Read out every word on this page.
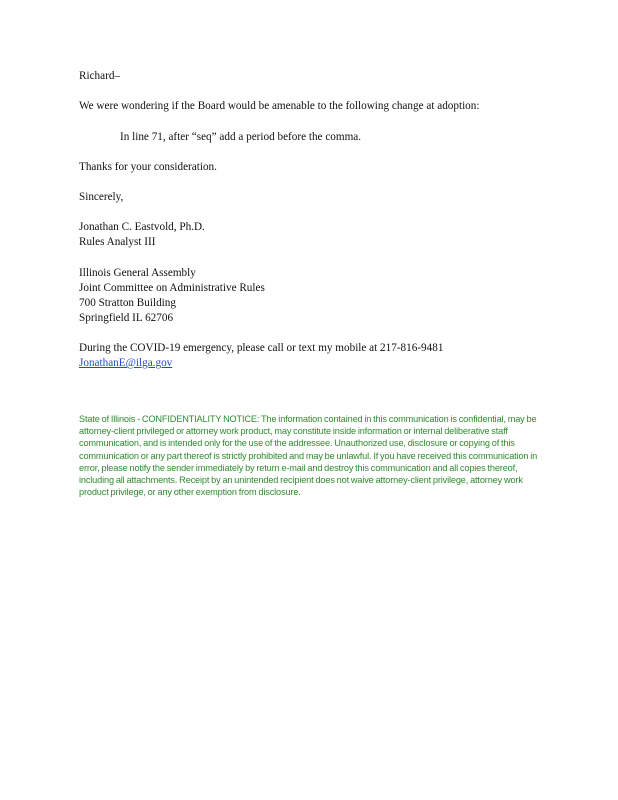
Richard–
We were wondering if the Board would be amenable to the following change at adoption:
In line 71, after “seq” add a period before the comma.
Thanks for your consideration.
Sincerely,
Jonathan C. Eastvold, Ph.D.
Rules Analyst III
Illinois General Assembly
Joint Committee on Administrative Rules
700 Stratton Building
Springfield IL 62706
During the COVID-19 emergency, please call or text my mobile at 217-816-9481
JonathanE@ilga.gov
State of Illinois - CONFIDENTIALITY NOTICE: The information contained in this communication is confidential, may be attorney-client privileged or attorney work product, may constitute inside information or internal deliberative staff communication, and is intended only for the use of the addressee. Unauthorized use, disclosure or copying of this communication or any part thereof is strictly prohibited and may be unlawful. If you have received this communication in error, please notify the sender immediately by return e-mail and destroy this communication and all copies thereof, including all attachments. Receipt by an unintended recipient does not waive attorney-client privilege, attorney work product privilege, or any other exemption from disclosure.
